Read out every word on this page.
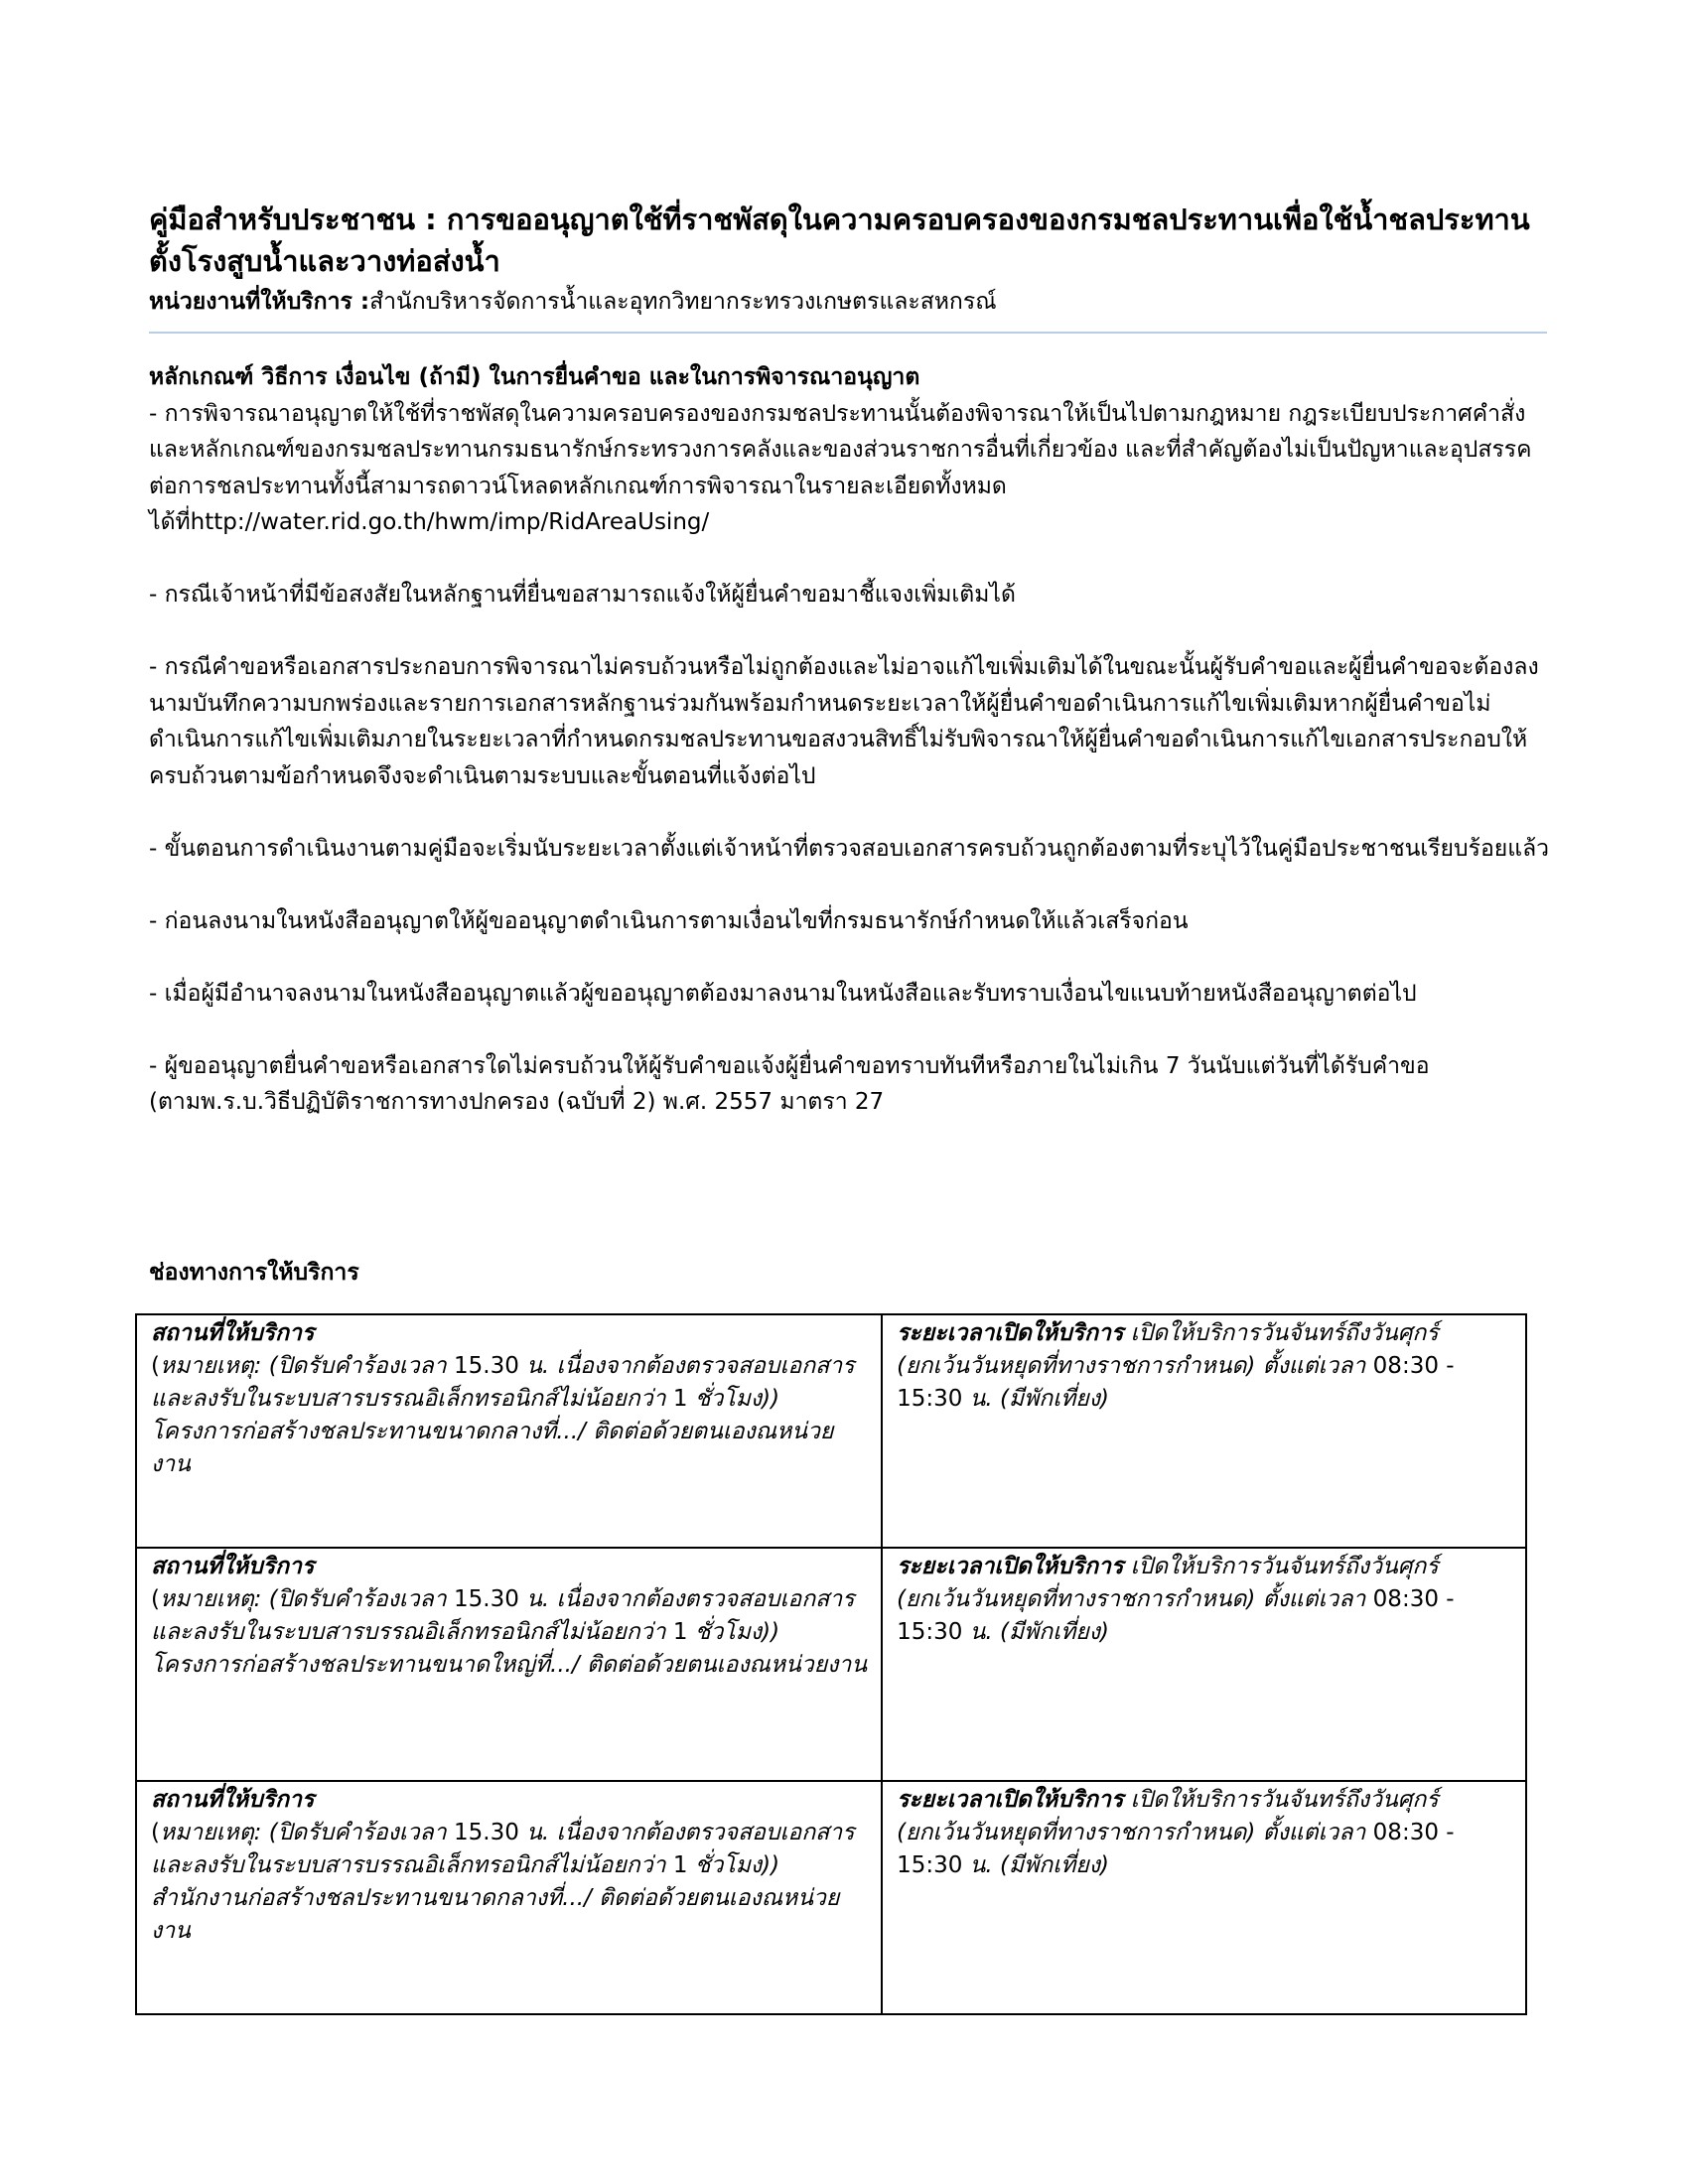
คู่มือสำหรับประชาชน : การขออนุญาตใช้ที่ราชพัสดุในความครอบครองของกรมชลประทานเพื่อใช้น้ำชลประทานตั้งโรงสูบน้ำและวางท่อส่งน้ำ

หน่วยงานที่ให้บริการ :สำนักบริหารจัดการน้ำและอุทกวิทยากระทรวงเกษตรและสหกรณ์

หลักเกณฑ์ วิธีการ เงื่อนไข (ถ้ามี) ในการยื่นคำขอ และในการพิจารณาอนุญาต

- การพิจารณาอนุญาตให้ใช้ที่ราชพัสดุในความครอบครองของกรมชลประทานนั้นต้องพิจารณาให้เป็นไปตามกฎหมาย กฎระเบียบประกาศคำสั่งและหลักเกณฑ์ของกรมชลประทานกรมธนารักษ์กระทรวงการคลังและของส่วนราชการอื่นที่เกี่ยวข้อง และที่สำคัญต้องไม่เป็นปัญหาและอุปสรรคต่อการชลประทานทั้งนี้สามารถดาวน์โหลดหลักเกณฑ์การพิจารณาในรายละเอียดทั้งหมดได้ที่http://water.rid.go.th/hwm/imp/RidAreaUsing/

- กรณีเจ้าหน้าที่มีข้อสงสัยในหลักฐานที่ยื่นขอสามารถแจ้งให้ผู้ยื่นคำขอมาชี้แจงเพิ่มเติมได้

- กรณีคำขอหรือเอกสารประกอบการพิจารณาไม่ครบถ้วนหรือไม่ถูกต้องและไม่อาจแก้ไขเพิ่มเติมได้ในขณะนั้นผู้รับคำขอและผู้ยื่นคำขอจะต้องลงนามบันทึกความบกพร่องและรายการเอกสารหลักฐานร่วมกันพร้อมกำหนดระยะเวลาให้ผู้ยื่นคำขอดำเนินการแก้ไขเพิ่มเติมหากผู้ยื่นคำขอไม่ดำเนินการแก้ไขเพิ่มเติมภายในระยะเวลาที่กำหนดกรมชลประทานขอสงวนสิทธิ์ไม่รับพิจารณาให้ผู้ยื่นคำขอดำเนินการแก้ไขเอกสารประกอบให้ครบถ้วนตามข้อกำหนดจึงจะดำเนินตามระบบและขั้นตอนที่แจ้งต่อไป

- ขั้นตอนการดำเนินงานตามคู่มือจะเริ่มนับระยะเวลาตั้งแต่เจ้าหน้าที่ตรวจสอบเอกสารครบถ้วนถูกต้องตามที่ระบุไว้ในคู่มือประชาชนเรียบร้อยแล้ว

- ก่อนลงนามในหนังสืออนุญาตให้ผู้ขออนุญาตดำเนินการตามเงื่อนไขที่กรมธนารักษ์กำหนดให้แล้วเสร็จก่อน

- เมื่อผู้มีอำนาจลงนามในหนังสืออนุญาตแล้วผู้ขออนุญาตต้องมาลงนามในหนังสือและรับทราบเงื่อนไขแนบท้ายหนังสืออนุญาตต่อไป

- ผู้ขออนุญาตยื่นคำขอหรือเอกสารใดไม่ครบถ้วนให้ผู้รับคำขอแจ้งผู้ยื่นคำขอทราบทันทีหรือภายในไม่เกิน 7 วันนับแต่วันที่ได้รับคำขอ (ตามพ.ร.บ.วิธีปฏิบัติราชการทางปกครอง (ฉบับที่ 2) พ.ศ. 2557 มาตรา 27

ช่องทางการให้บริการ
สถานที่ให้บริการ
(หมายเหตุ: (ปิดรับคำร้องเวลา 15.30 น. เนื่องจากต้องตรวจสอบเอกสารและลงรับในระบบสารบรรณอิเล็กทรอนิกส์ไม่น้อยกว่า 1 ชั่วโมง))
โครงการก่อสร้างชลประทานขนาดกลางที่.../ ติดต่อด้วยตนเองณหน่วยงาน	ระยะเวลาเปิดให้บริการ เปิดให้บริการวันจันทร์ถึงวันศุกร์ (ยกเว้นวันหยุดที่ทางราชการกำหนด) ตั้งแต่เวลา 08:30 - 15:30 น. (มีพักเที่ยง)
สถานที่ให้บริการ
(หมายเหตุ: (ปิดรับคำร้องเวลา 15.30 น. เนื่องจากต้องตรวจสอบเอกสารและลงรับในระบบสารบรรณอิเล็กทรอนิกส์ไม่น้อยกว่า 1 ชั่วโมง))
โครงการก่อสร้างชลประทานขนาดใหญ่ที่.../ ติดต่อด้วยตนเองณหน่วยงาน	ระยะเวลาเปิดให้บริการ เปิดให้บริการวันจันทร์ถึงวันศุกร์ (ยกเว้นวันหยุดที่ทางราชการกำหนด) ตั้งแต่เวลา 08:30 - 15:30 น. (มีพักเที่ยง)
สถานที่ให้บริการ
(หมายเหตุ: (ปิดรับคำร้องเวลา 15.30 น. เนื่องจากต้องตรวจสอบเอกสารและลงรับในระบบสารบรรณอิเล็กทรอนิกส์ไม่น้อยกว่า 1 ชั่วโมง))
สำนักงานก่อสร้างชลประทานขนาดกลางที่.../ ติดต่อด้วยตนเองณหน่วยงาน	ระยะเวลาเปิดให้บริการ เปิดให้บริการวันจันทร์ถึงวันศุกร์ (ยกเว้นวันหยุดที่ทางราชการกำหนด) ตั้งแต่เวลา 08:30 - 15:30 น. (มีพักเที่ยง)
